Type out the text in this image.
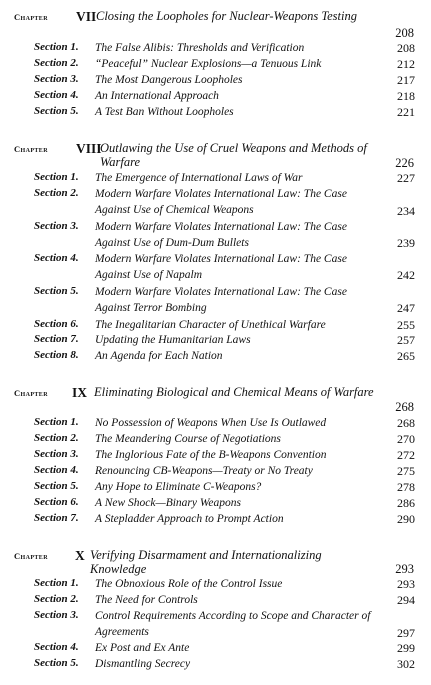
Chapter VII Closing the Loopholes for Nuclear-Weapons Testing
208
Section 1.	The False Alibis: Thresholds and Verification	208
Section 2.	“Peaceful” Nuclear Explosions—a Tenuous Link	212
Section 3.	The Most Dangerous Loopholes	217
Section 4.	An International Approach	218
Section 5.	A Test Ban Without Loopholes	221
Chapter VIII
Outlawing the Use of Cruel Weapons and Methods of Warfare	226
Section 1.	The Emergence of International Laws of War	227
Section 2.	Modern Warfare Violates International Law: The Case Against Use of Chemical Weapons	234
Section 3.	Modern Warfare Violates International Law: The Case Against Use of Dum-Dum Bullets	239
Section 4.	Modern Warfare Violates International Law: The Case Against Use of Napalm	242
Section 5.	Modern Warfare Violates International Law: The Case Against Terror Bombing	247
Section 6.	The Inegalitarian Character of Unethical Warfare	255
Section 7.	Updating the Humanitarian Laws	257
Section 8.	An Agenda for Each Nation	265
Chapter IX Eliminating Biological and Chemical Means of Warfare
268
Section 1.	No Possession of Weapons When Use Is Outlawed	268
Section 2.	The Meandering Course of Negotiations	270
Section 3.	The Inglorious Fate of the B-Weapons Convention	272
Section 4.	Renouncing CB-Weapons—Treaty or No Treaty	275
Section 5.	Any Hope to Eliminate C-Weapons?	278
Section 6.	A New Shock—Binary Weapons	286
Section 7.	A Stepladder Approach to Prompt Action	290
Chapter X Verifying Disarmament and Internationalizing Knowledge	293
Section 1.	The Obnoxious Role of the Control Issue	293
Section 2.	The Need for Controls	294
Section 3.	Control Requirements According to Scope and Character of Agreements	297
Section 4.	Ex Post and Ex Ante	299
Section 5.	Dismantling Secrecy	302
